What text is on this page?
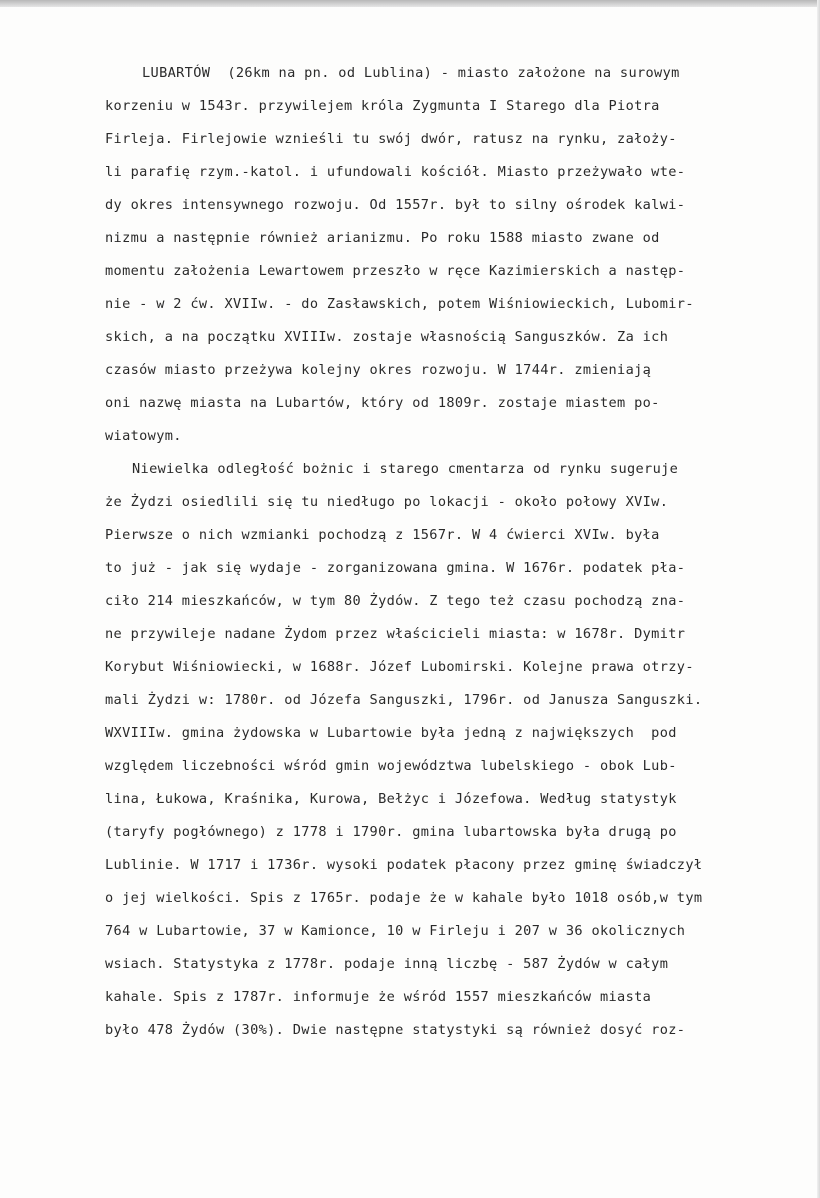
LUBARTÓW  (26km na pn. od Lublina) - miasto założone na surowym
korzeniu w 1543r. przywilejem króla Zygmunta I Starego dla Piotra
Firleja. Firlejowie wznieśli tu swój dwór, ratusz na rynku, założy-
li parafię rzym.-katol. i ufundowali kościół. Miasto przeżywało wte-
dy okres intensywnego rozwoju. Od 1557r. był to silny ośrodek kalwi-
nizmu a następnie również arianizmu. Po roku 1588 miasto zwane od
momentu założenia Lewartowem przeszło w ręce Kazimierskich a następ-
nie - w 2 ćw. XVIIw. - do Zasławskich, potem Wiśniowieckich, Lubomir-
skich, a na początku XVIIIw. zostaje własnością Sanguszków. Za ich
czasów miasto przeżywa kolejny okres rozwoju. W 1744r. zmieniają
oni nazwę miasta na Lubartów, który od 1809r. zostaje miastem po-
wiatowym.
Niewielka odległość bożnic i starego cmentarza od rynku sugeruje
że Żydzi osiedlili się tu niedługo po lokacji - około połowy XVIw.
Pierwsze o nich wzmianki pochodzą z 1567r. W 4 ćwierci XVIw. była
to już - jak się wydaje - zorganizowana gmina. W 1676r. podatek pła-
ciło 214 mieszkańców, w tym 80 Żydów. Z tego też czasu pochodzą zna-
ne przywileje nadane Żydom przez właścicieli miasta: w 1678r. Dymitr
Korybut Wiśniowiecki, w 1688r. Józef Lubomirski. Kolejne prawa otrzy-
mali Żydzi w: 1780r. od Józefa Sanguszki, 1796r. od Janusza Sanguszki.
WXVIIIw. gmina żydowska w Lubartowie była jedną z największych  pod
względem liczebności wśród gmin województwa lubelskiego - obok Lub-
lina, Łukowa, Kraśnika, Kurowa, Bełżyc i Józefowa. Według statystyk
(taryfy pogłównego) z 1778 i 1790r. gmina lubartowska była drugą po
Lublinie. W 1717 i 1736r. wysoki podatek płacony przez gminę świadczył
o jej wielkości. Spis z 1765r. podaje że w kahale było 1018 osób,w tym
764 w Lubartowie, 37 w Kamionce, 10 w Firleju i 207 w 36 okolicznych
wsiach. Statystyka z 1778r. podaje inną liczbę - 587 Żydów w całym
kahale. Spis z 1787r. informuje że wśród 1557 mieszkańców miasta
było 478 Żydów (30%). Dwie następne statystyki są również dosyć roz-
